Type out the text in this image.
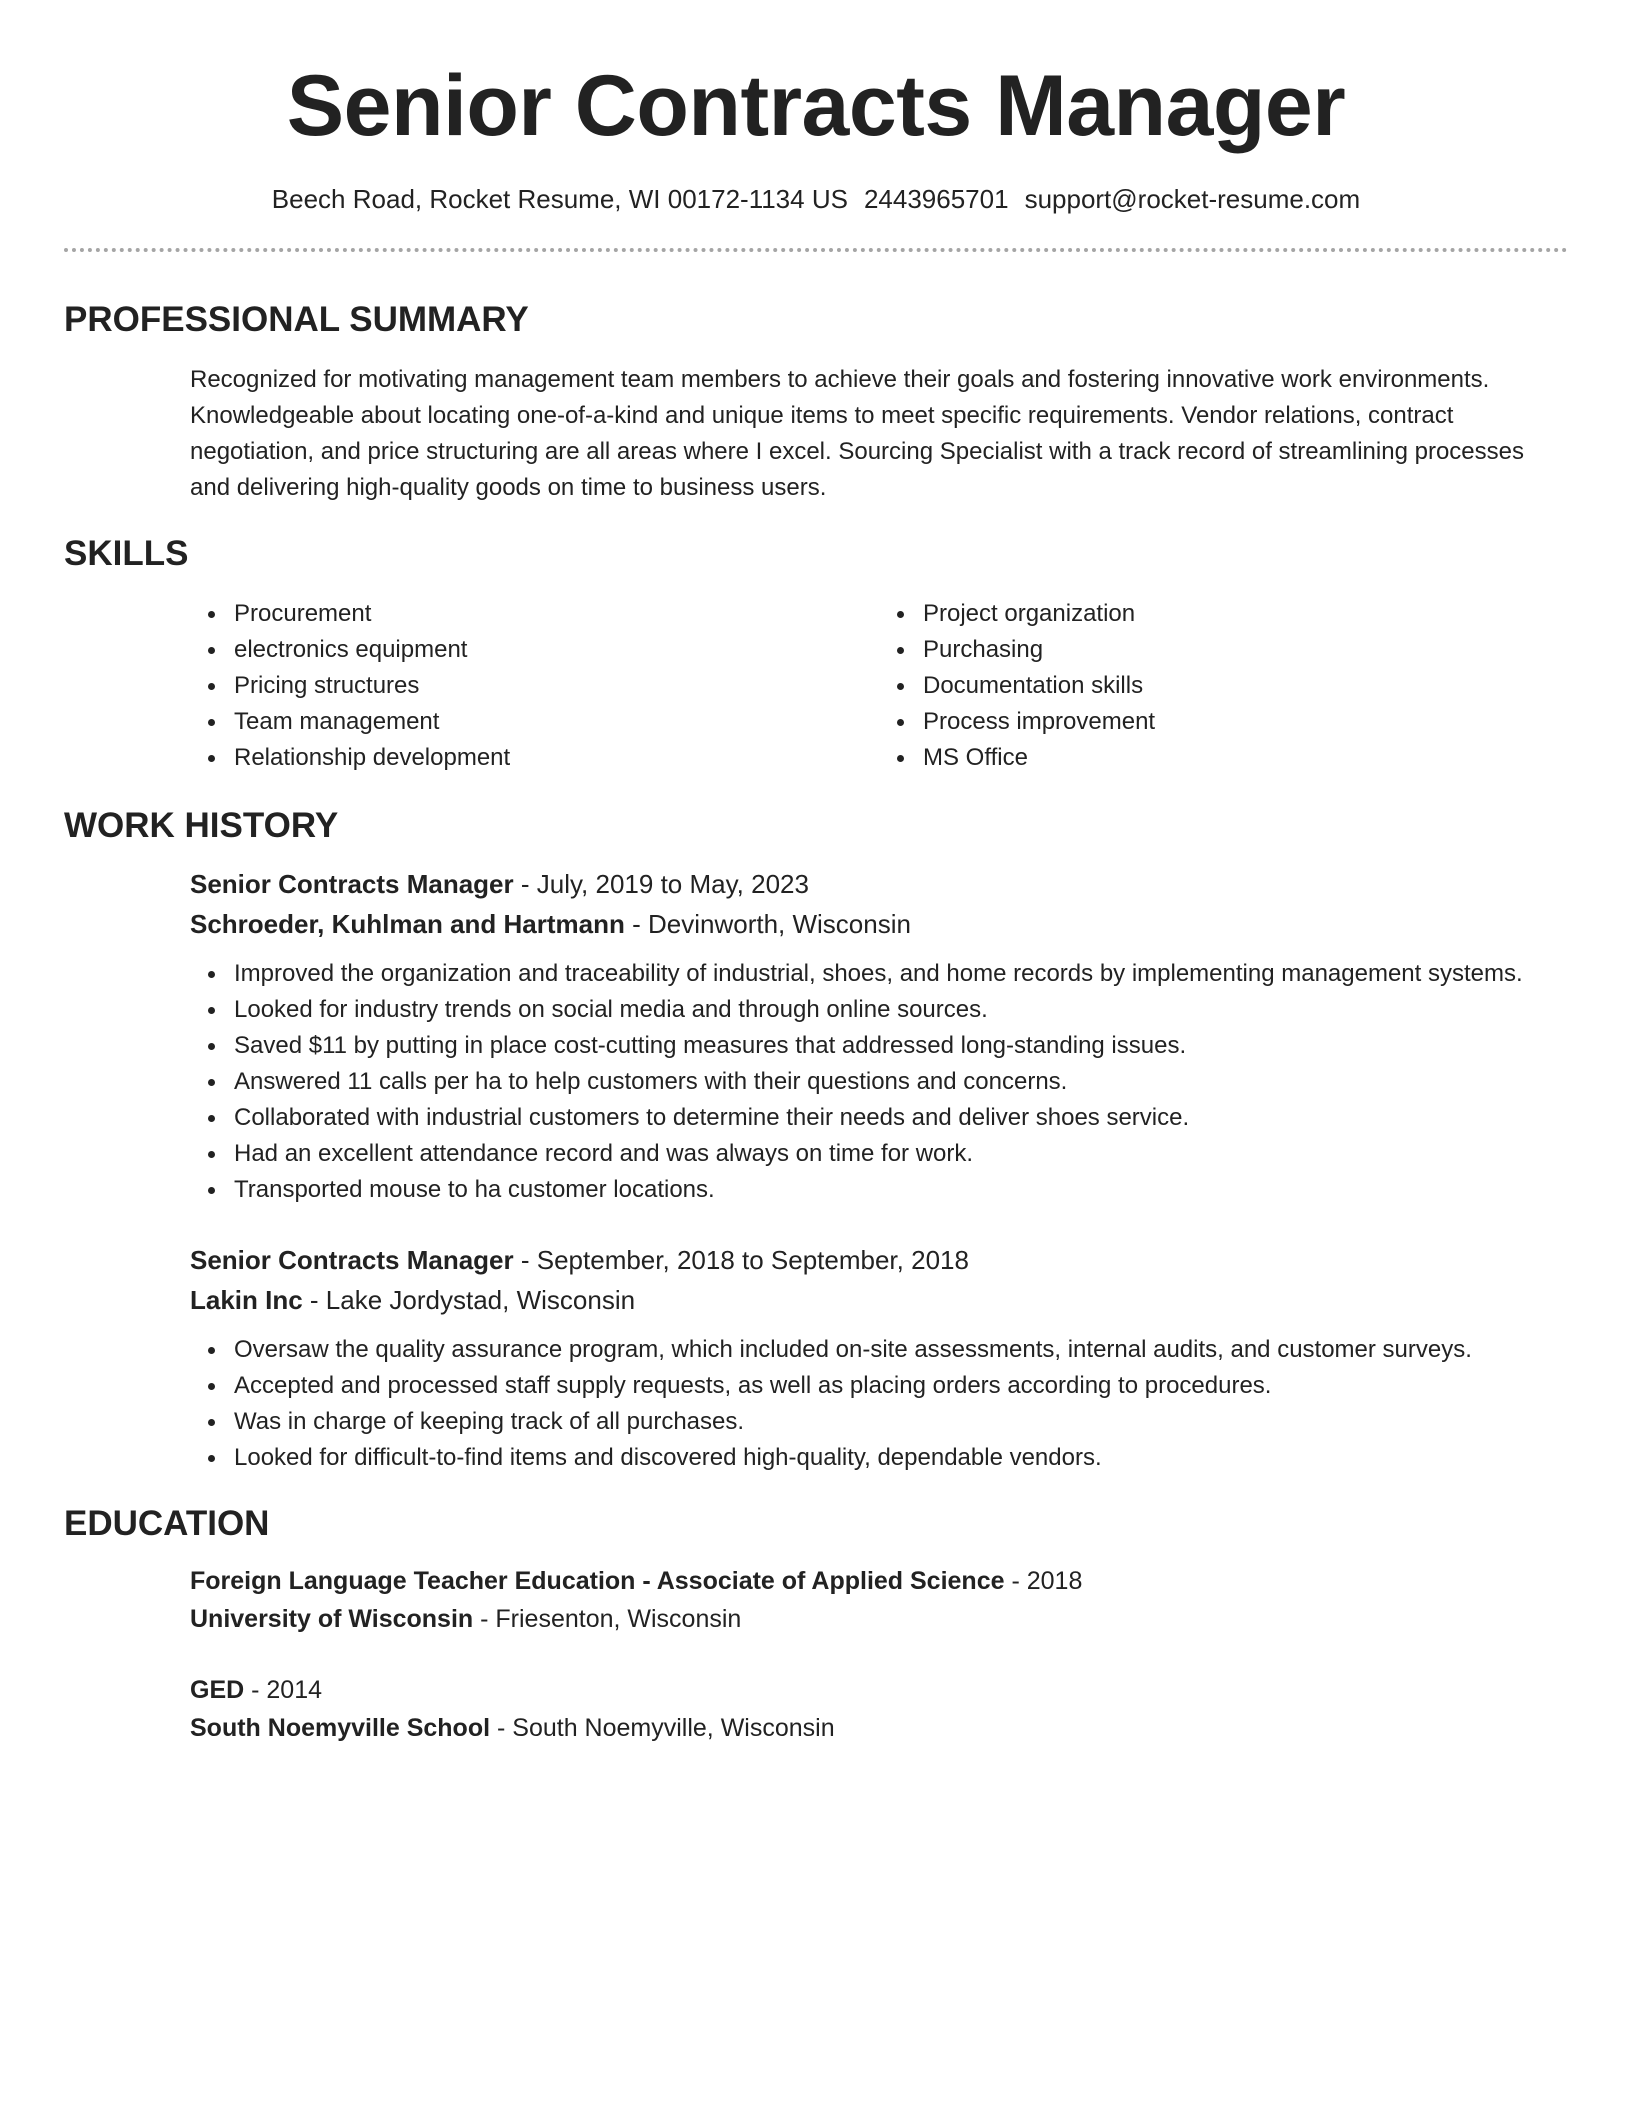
Senior Contracts Manager
Beech Road, Rocket Resume, WI 00172-1134 US 2443965701 support@rocket-resume.com
PROFESSIONAL SUMMARY

Recognized for motivating management team members to achieve their goals and fostering innovative work environments. Knowledgeable about locating one-of-a-kind and unique items to meet specific requirements. Vendor relations, contract negotiation, and price structuring are all areas where I excel. Sourcing Specialist with a track record of streamlining processes and delivering high-quality goods on time to business users.

SKILLS
Procurement
electronics equipment
Pricing structures
Team management
Relationship development
Project organization
Purchasing
Documentation skills
Process improvement
MS Office
WORK HISTORY
Senior Contracts Manager - July, 2019 to May, 2023
Schroeder, Kuhlman and Hartmann - Devinworth, Wisconsin
Improved the organization and traceability of industrial, shoes, and home records by implementing management systems.
Looked for industry trends on social media and through online sources.
Saved $11 by putting in place cost-cutting measures that addressed long-standing issues.
Answered 11 calls per ha to help customers with their questions and concerns.
Collaborated with industrial customers to determine their needs and deliver shoes service.
Had an excellent attendance record and was always on time for work.
Transported mouse to ha customer locations.
Senior Contracts Manager - September, 2018 to September, 2018
Lakin Inc - Lake Jordystad, Wisconsin
Oversaw the quality assurance program, which included on-site assessments, internal audits, and customer surveys.
Accepted and processed staff supply requests, as well as placing orders according to procedures.
Was in charge of keeping track of all purchases.
Looked for difficult-to-find items and discovered high-quality, dependable vendors.
EDUCATION
Foreign Language Teacher Education - Associate of Applied Science - 2018
University of Wisconsin - Friesenton, Wisconsin
GED - 2014
South Noemyville School - South Noemyville, Wisconsin
